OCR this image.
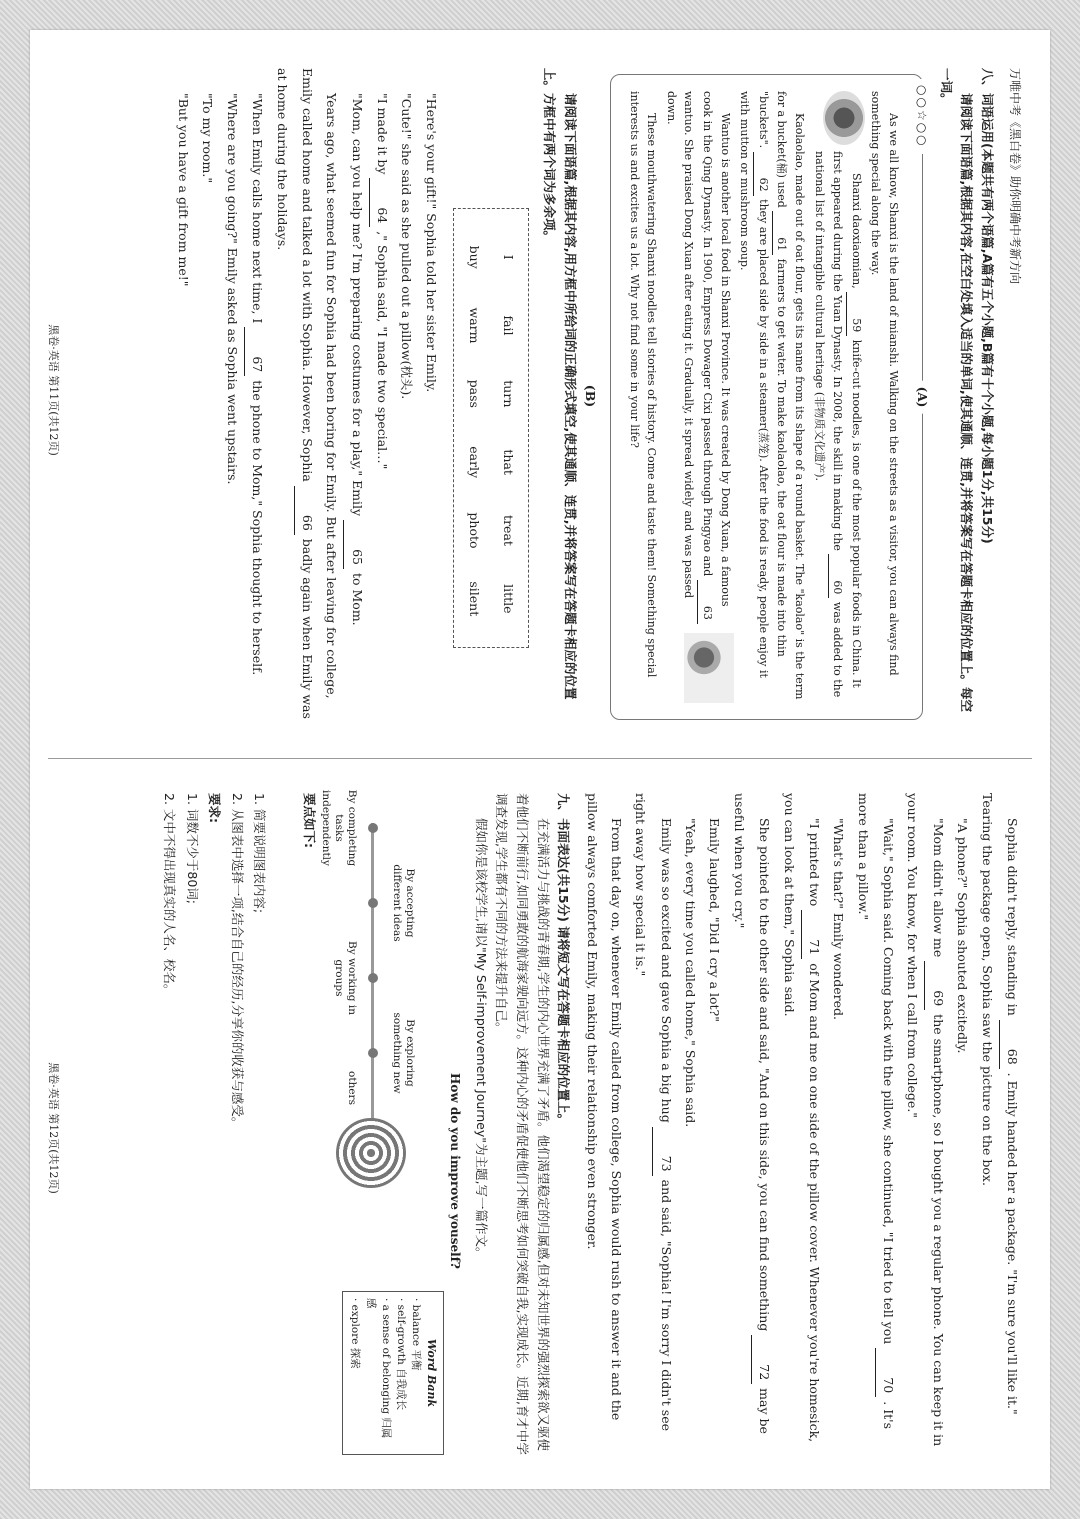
万唯中考《黑白卷》助你明确中考新方向
八、词语运用(本题共有两个语篇,A篇有五个小题,B篇有十个小题,每小题1分,共15分)
请阅读下面语篇,根据其内容,在空白处填入适当的单词,使其通顺、连贯,并将答案写在答题卡相应的位置上。每空一词。
○○☆○○
(A)

As we all know, Shanxi is the land of mianshi. Walking on the streets as a visitor, you can always find something special along the way.

Shanxi daoxiaomian, 59 knife-cut noodles, is one of the most popular foods in China. It first appeared during the Yuan Dynasty. In 2008, the skill in making the 60 was added to the national list of intangible cultural heritage (非物质文化遗产).

Kaolaolao, made out of oat flour, gets its name from its shape of a round basket. The "kaolao" is the term for a bucket(桶) used 61 farmers to get water. To make kaolaolao, the oat flour is made into thin "buckets". 62 they are placed side by side in a steamer(蒸笼). After the food is ready, people enjoy it with mutton or mushroom soup.

Wantuo is another local food in Shanxi Province. It was created by Dong Xuan, a famous cook in the Qing Dynasty. In 1900, Empress Dowager Cixi passed through Pingyao and 63 wantuo. She praised Dong Xuan after eating it. Gradually, it spread widely and was passed down.

These mouthwatering Shanxi noodles tell stories of history. Come and taste them! Something special interests us and excites us a lot. Why not find some in your life?

(B)
请阅读下面语篇,根据其内容,用方框中所给词的正确形式填空,使其通顺、连贯,并将答案写在答题卡相应的位置上。方框中有两个词为多余项。
I
fail
turn
that
treat
little
buy
warm
pass
early
photo
silent

"Here's your gift!" Sophia told her sister Emily.

"Cute!" she said as she pulled out a pillow(枕头).

"I made it by 64 ," Sophia said, "I made two special…"

"Mom, can you help me? I'm preparing costumes for a play," Emily 65 to Mom.

Years ago, what seemed fun for Sophia had been boring for Emily. But after leaving for college, Emily called home and talked a lot with Sophia. However, Sophia 66 badly again when Emily was at home during the holidays.

"When Emily calls home next time, I 67 the phone to Mom," Sophia thought to herself.

"Where are you going?" Emily asked as Sophia went upstairs.

"To my room."

"But you have a gift from me!"

黑卷·英语 第11页(共12页)

Sophia didn't reply, standing in 68 . Emily handed her a package. "I'm sure you'll like it." Tearing the package open, Sophia saw the picture on the box.

"A phone?" Sophia shouted excitedly.

"Mom didn't allow me 69 the smartphone, so I bought you a regular phone. You can keep it in your room. You know, for when I call from college."

"Wait," Sophia said. Coming back with the pillow, she continued, "I tried to tell you 70 . It's more than a pillow."

"What's that?" Emily wondered.

"I printed two 71 of Mom and me on one side of the pillow cover. Whenever you're homesick, you can look at them," Sophia said.

She pointed to the other side and said, "And on this side, you can find something 72 may be useful when you cry."

Emily laughed, "Did I cry a lot?"

"Yeah, every time you called home," Sophia said.

Emily was so excited and gave Sophia a big hug 73 and said, "Sophia! I'm sorry I didn't see right away how special it is."

From that day on, whenever Emily called from college, Sophia would rush to answer it and the pillow always comforted Emily, making their relationship even stronger.

九、书面表达(共15分) 请将短文写在答题卡相应的位置上。
在充满活力与挑战的青春期,学生的内心世界充满了矛盾。他们渴望稳定的归属感,但对未知世界的强烈探索欲又驱使着他们不断前行,如同勇敢的航海家驶向远方。这种内心的矛盾促使他们不断思考如何突破自我,实现成长。近期,育才中学调查发现,学生都有不同的方法来提升自己。
假如你是该校学生,请以"My Self-improvement Journey"为主题,写一篇作文。
How do you improve youself?
By completing tasks independently
By accepting different ideas
By working in groups
By exploring something new
others
Word Bank
· balance 平衡
· self-growth 自我成长
· a sense of belonging 归属感
· explore 探索
要点如下:
1. 简要说明图表内容;
2. 从图表中选择一项,结合自己的经历,分享你的收获与感受。
要求:
1. 词数不少于80词;
2. 文中不得出现真实的人名、校名。
黑卷·英语 第12页(共12页)
